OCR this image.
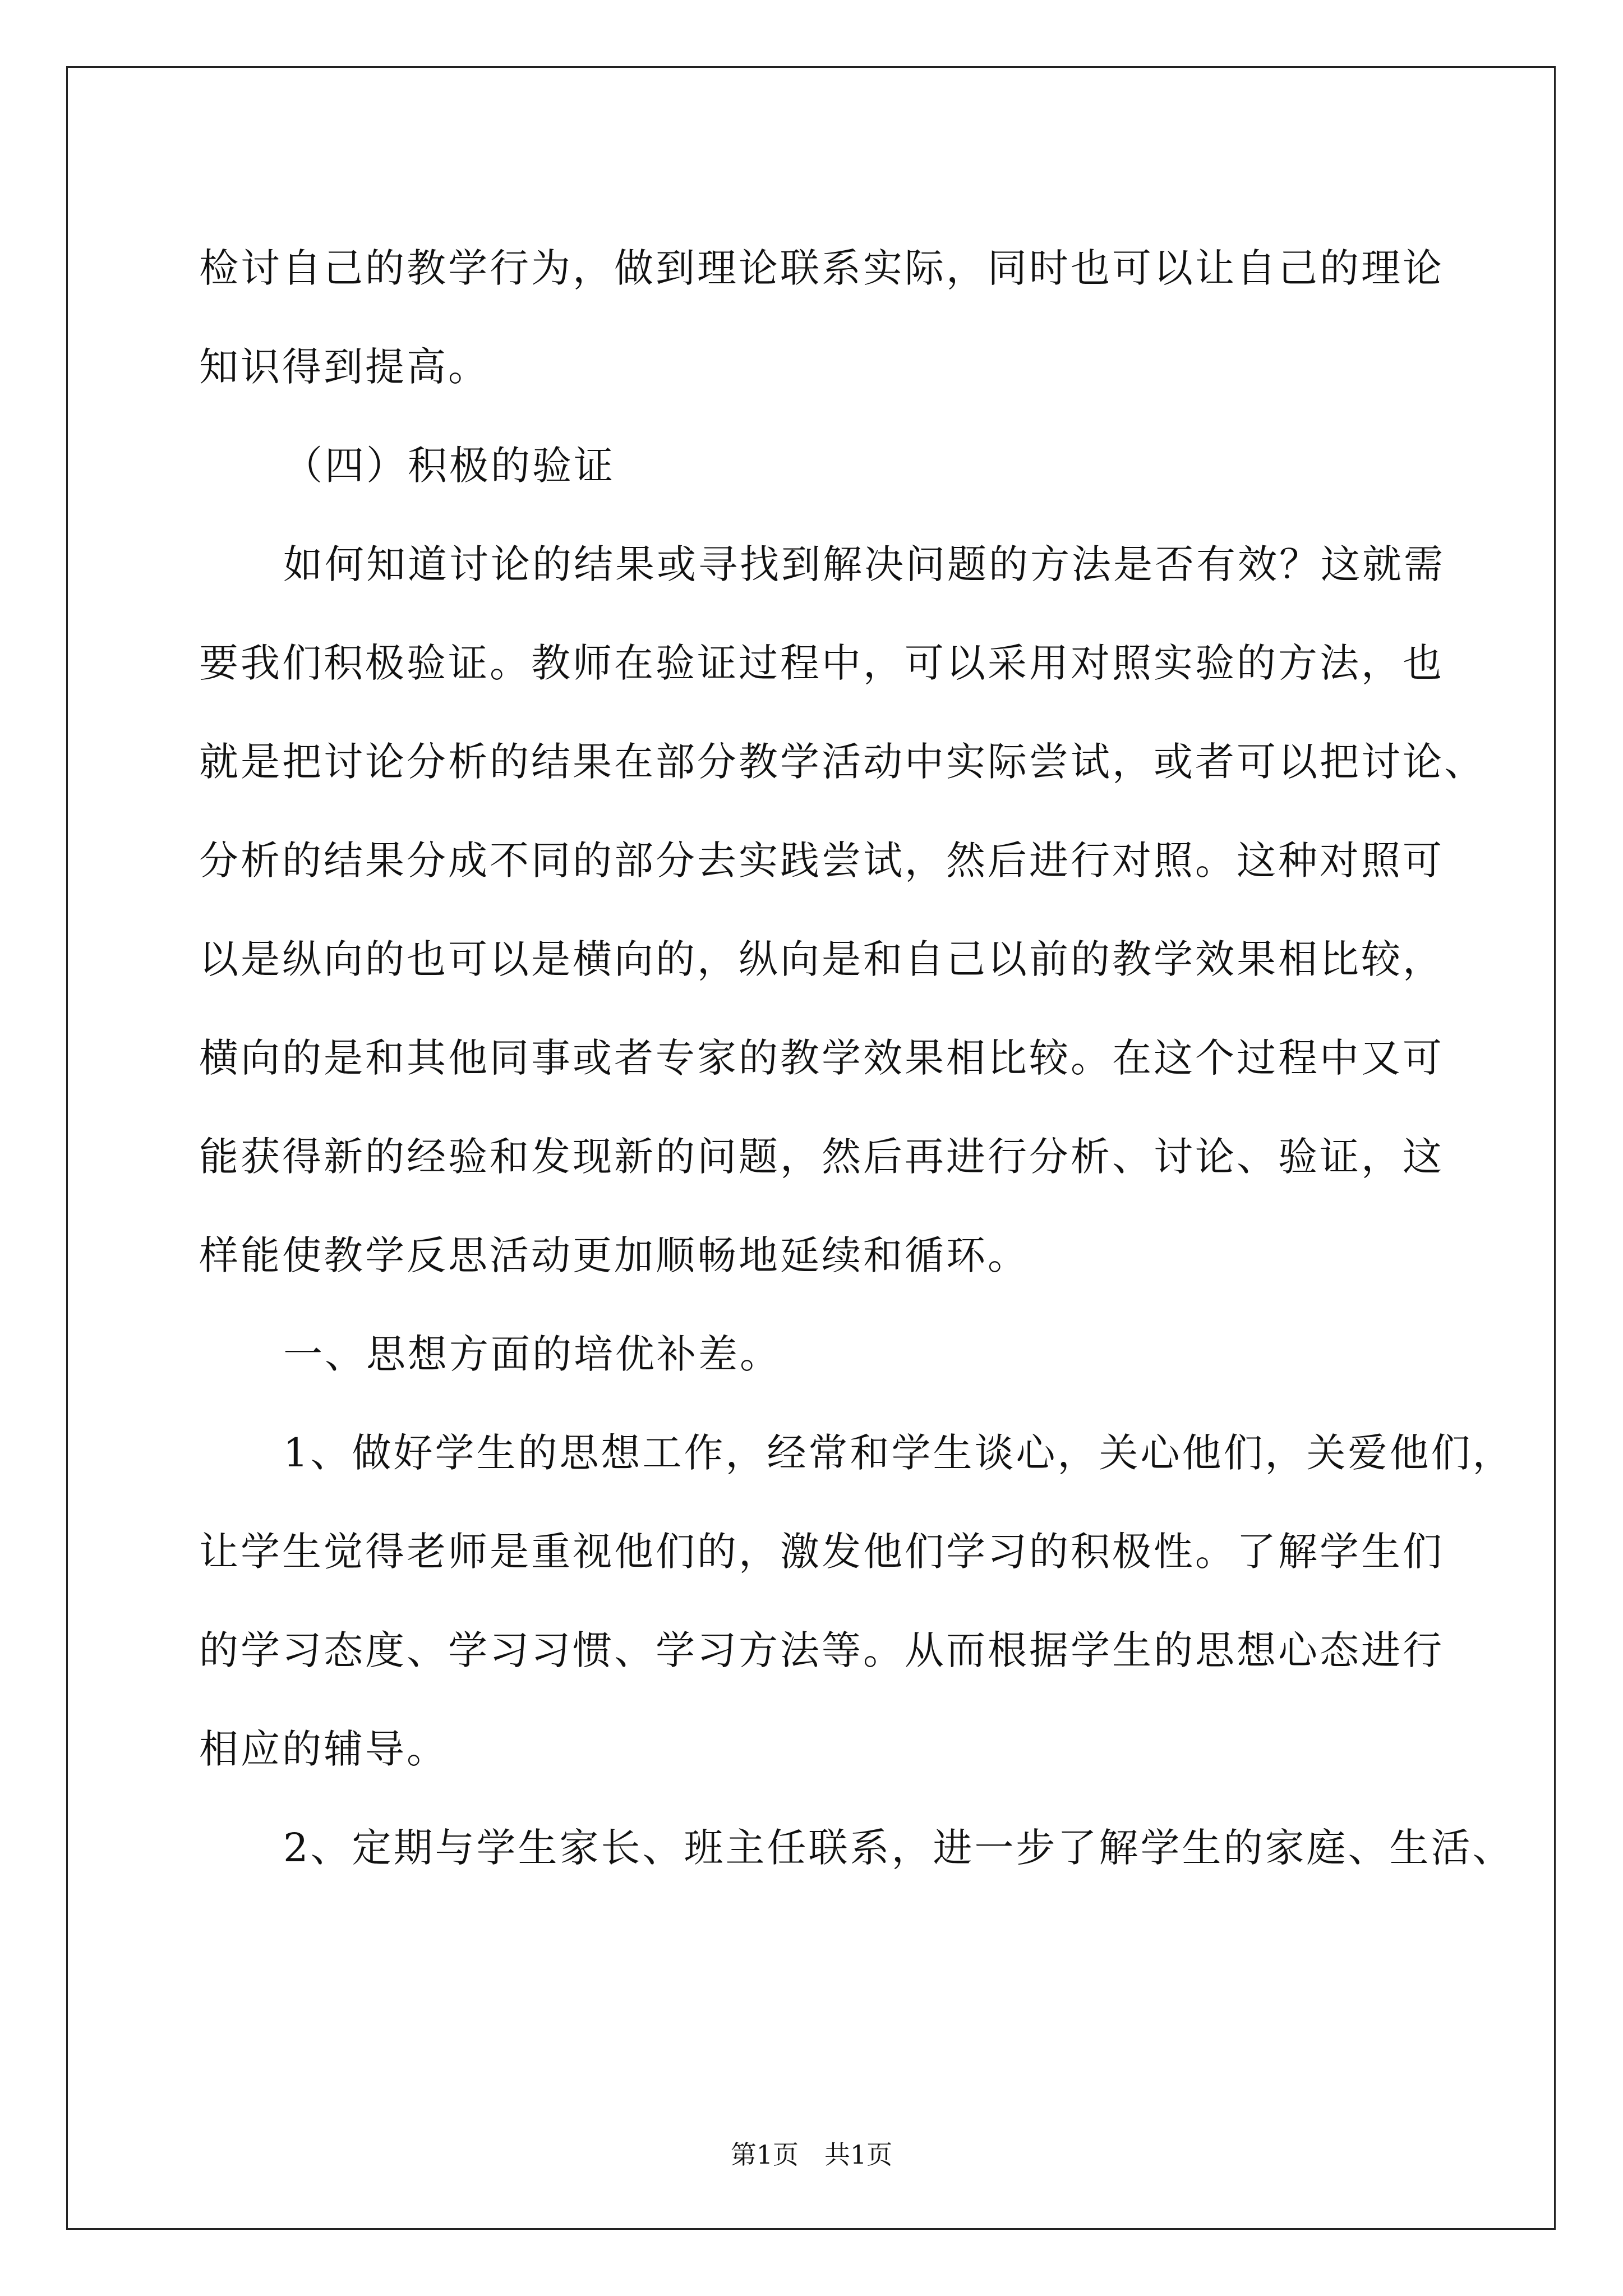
检讨自己的教学行为，做到理论联系实际，同时也可以让自己的理论

知识得到提高。

（四）积极的验证

如何知道讨论的结果或寻找到解决问题的方法是否有效？这就需

要我们积极验证。教师在验证过程中，可以采用对照实验的方法，也

就是把讨论分析的结果在部分教学活动中实际尝试，或者可以把讨论、

分析的结果分成不同的部分去实践尝试，然后进行对照。这种对照可

以是纵向的也可以是横向的，纵向是和自己以前的教学效果相比较，

横向的是和其他同事或者专家的教学效果相比较。在这个过程中又可

能获得新的经验和发现新的问题，然后再进行分析、讨论、验证，这

样能使教学反思活动更加顺畅地延续和循环。

一、思想方面的培优补差。

1、做好学生的思想工作，经常和学生谈心，关心他们，关爱他们，

让学生觉得老师是重视他们的，激发他们学习的积极性。了解学生们

的学习态度、学习习惯、学习方法等。从而根据学生的思想心态进行

相应的辅导。

2、定期与学生家长、班主任联系，进一步了解学生的家庭、生活、

第1页　共1页
